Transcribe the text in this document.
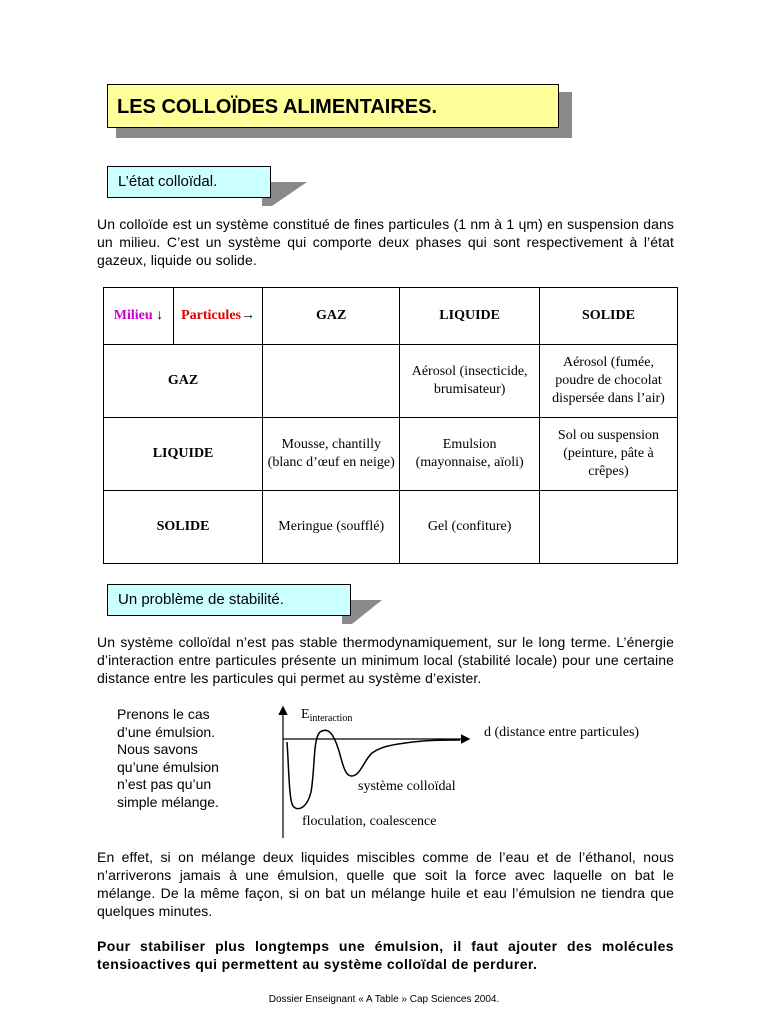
LES COLLOÏDES ALIMENTAIRES.
L’état colloïdal.
Un colloïde est un système constitué de fines particules (1 nm à 1 ɥm) en suspension dans un milieu. C’est un système qui comporte deux phases qui sont respectivement à l’état gazeux, liquide ou solide.
Milieu
↓ Particules →	GAZ	LIQUIDE	SOLIDE
GAZ		Aérosol (insecticide, brumisateur)	Aérosol (fumée, poudre de chocolat dispersée dans l’air)
LIQUIDE	Mousse, chantilly (blanc d’œuf en neige)	Emulsion (mayonnaise, aïoli)	Sol ou suspension (peinture, pâte à crêpes)
SOLIDE	Meringue (soufflé)	Gel (confiture)	
Un problème de stabilité.
Un système colloïdal n’est pas stable thermodynamiquement, sur le long terme. L’énergie d’interaction entre particules présente un minimum local (stabilité locale) pour une certaine distance entre les particules qui permet au système d’exister.
Prenons le cas
d’une émulsion.
Nous savons
qu’une émulsion
n’est pas qu’un
simple mélange.
$E_{interaction}$
d (distance entre particules)
système colloïdal
floculation, coalescence
En effet, si on mélange deux liquides miscibles comme de l’eau et de l’éthanol, nous n’arriverons jamais à une émulsion, quelle que soit la force avec laquelle on bat le mélange. De la même façon, si on bat un mélange huile et eau l’émulsion ne tiendra que quelques minutes.
Pour stabiliser plus longtemps une émulsion, il faut ajouter des molécules tensioactives qui permettent au système colloïdal de perdurer.
Dossier Enseignant « A Table » Cap Sciences 2004.
